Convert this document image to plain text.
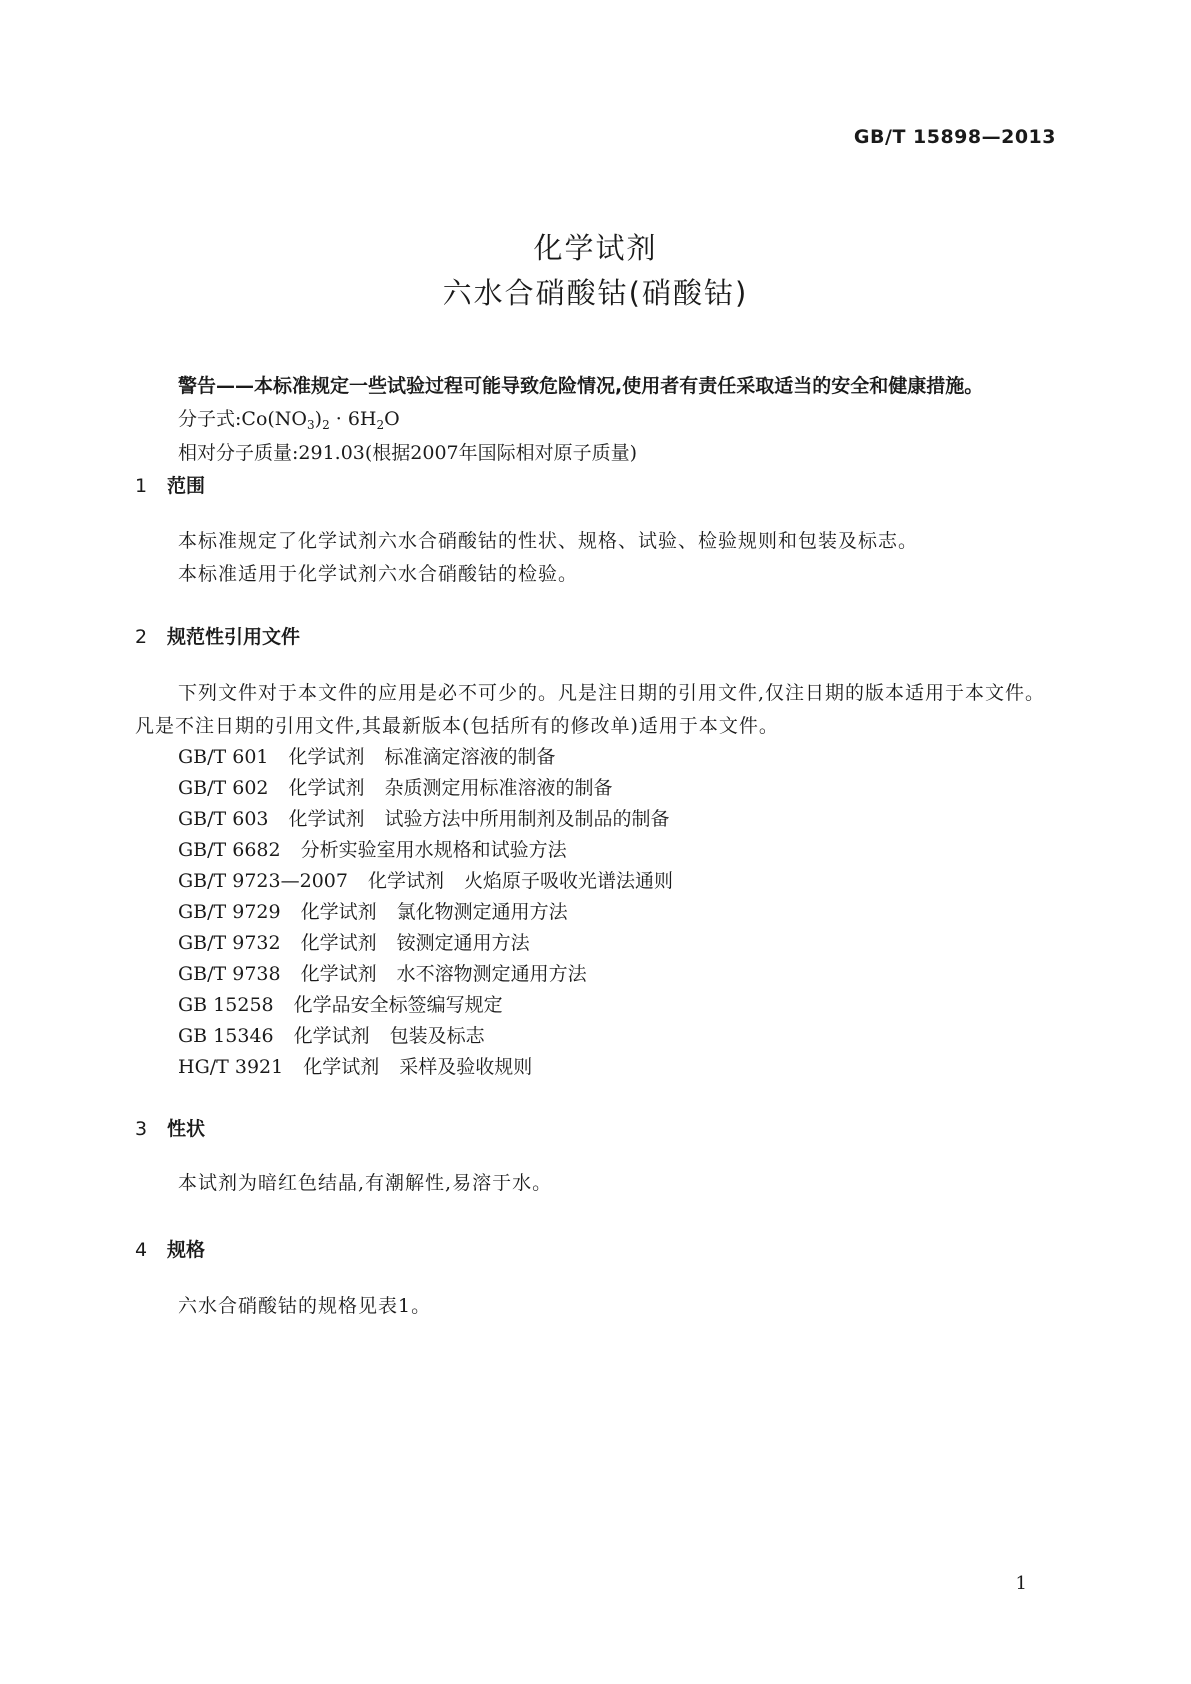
GB/T 15898—2013
化学试剂
六水合硝酸钴(硝酸钴)
警告——本标准规定一些试验过程可能导致危险情况,使用者有责任采取适当的安全和健康措施。
分子式$:Co(NO_3)_2 \cdot 6H_2O$
相对分子质量:291.03(根据2007年国际相对原子质量)
1 范围
本标准规定了化学试剂六水合硝酸钴的性状、规格、试验、检验规则和包装及标志。
本标准适用于化学试剂六水合硝酸钴的检验。
2 规范性引用文件
下列文件对于本文件的应用是必不可少的。凡是注日期的引用文件,仅注日期的版本适用于本文件。凡是不注日期的引用文件,其最新版本(包括所有的修改单)适用于本文件。
GB/T 601 化学试剂 标准滴定溶液的制备
GB/T 602 化学试剂 杂质测定用标准溶液的制备
GB/T 603 化学试剂 试验方法中所用制剂及制品的制备
GB/T 6682 分析实验室用水规格和试验方法
GB/T 9723—2007 化学试剂 火焰原子吸收光谱法通则
GB/T 9729 化学试剂 氯化物测定通用方法
GB/T 9732 化学试剂 铵测定通用方法
GB/T 9738 化学试剂 水不溶物测定通用方法
GB 15258 化学品安全标签编写规定
GB 15346 化学试剂 包装及标志
HG/T 3921 化学试剂 采样及验收规则
3 性状
本试剂为暗红色结晶,有潮解性,易溶于水。
4 规格
六水合硝酸钴的规格见表1。
1
